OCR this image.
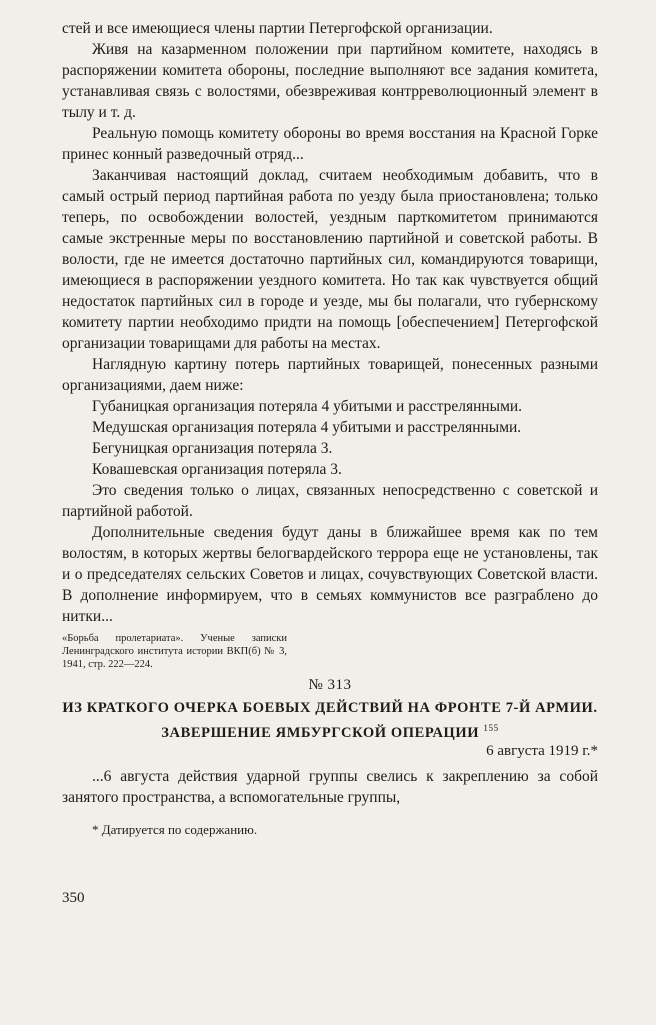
стей и все имеющиеся члены партии Петергофской организации.

Живя на казарменном положении при партийном комитете, находясь в распоряжении комитета обороны, последние выполняют все задания комитета, устанавливая связь с волостями, обезвреживая контрреволюционный элемент в тылу и т. д.

Реальную помощь комитету обороны во время восстания на Красной Горке принес конный разведочный отряд...

Заканчивая настоящий доклад, считаем необходимым добавить, что в самый острый период партийная работа по уезду была приостановлена; только теперь, по освобождении волостей, уездным парткомитетом принимаются самые экстренные меры по восстановлению партийной и советской работы. В волости, где не имеется достаточно партийных сил, командируются товарищи, имеющиеся в распоряжении уездного комитета. Но так как чувствуется общий недостаток партийных сил в городе и уезде, мы бы полагали, что губернскому комитету партии необходимо придти на помощь [обеспечением] Петергофской организации товарищами для работы на местах.

Наглядную картину потерь партийных товарищей, понесенных разными организациями, даем ниже:

Губаницкая организация потеряла 4 убитыми и расстрелянными.

Медушская организация потеряла 4 убитыми и расстрелянными.

Бегуницкая организация потеряла 3.

Ковашевская организация потеряла 3.

Это сведения только о лицах, связанных непосредственно с советской и партийной работой.

Дополнительные сведения будут даны в ближайшее время как по тем волостям, в которых жертвы белогвардейского террора еще не установлены, так и о председателях сельских Советов и лицах, сочувствующих Советской власти. В дополнение информируем, что в семьях коммунистов все разграблено до нитки...

«Борьба пролетариата». Ученые записки Ленинградского института истории ВКП(б) № 3, 1941, стр. 222—224.

№ 313

ИЗ КРАТКОГО ОЧЕРКА БОЕВЫХ ДЕЙСТВИЙ НА ФРОНТЕ 7-Й АРМИИ. ЗАВЕРШЕНИЕ ЯМБУРГСКОЙ ОПЕРАЦИИ $^{155}$

6 августа 1919 г.*

...6 августа действия ударной группы свелись к закреплению за собой занятого пространства, а вспомогательные группы,

* Датируется по содержанию.

350
